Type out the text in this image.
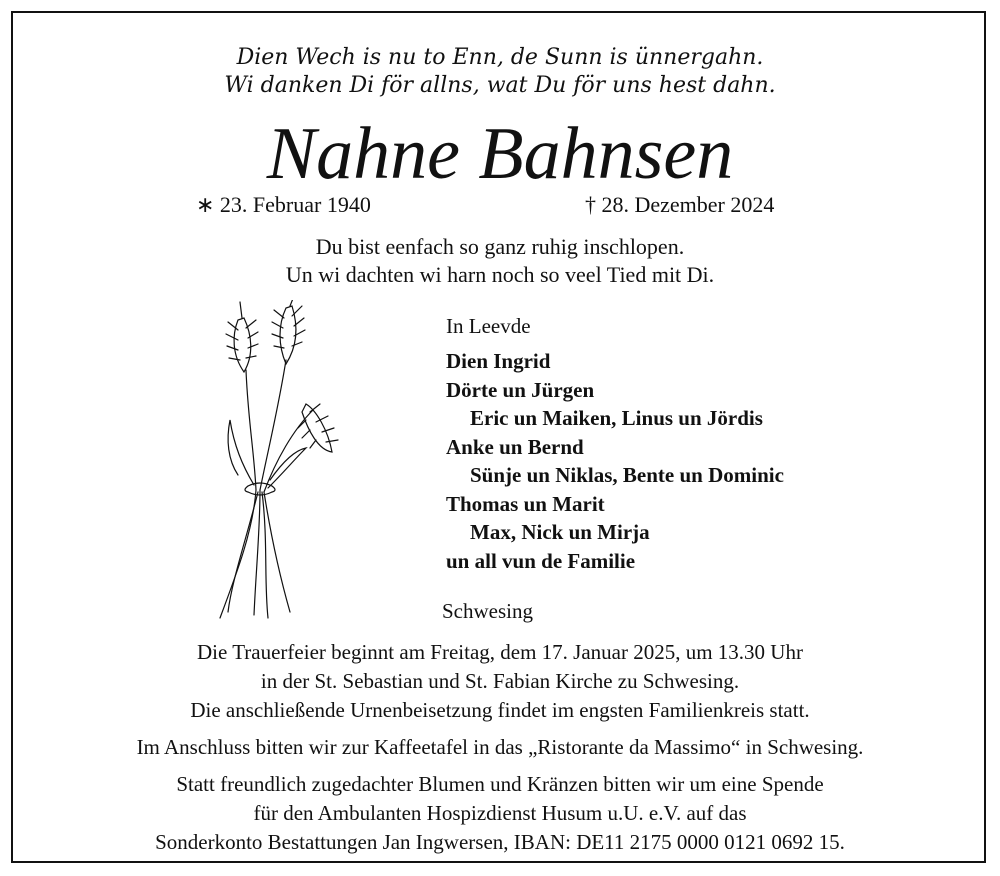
Dien Wech is nu to Enn, de Sunn is ünnergahn.
Wi danken Di för allns, wat Du för uns hest dahn.
Nahne Bahnsen
∗ 23. Februar 1940	† 28. Dezember 2024
Du bist eenfach so ganz ruhig inschlopen.
Un wi dachten wi harn noch so veel Tied mit Di.
In Leevde
Dien Ingrid
Dörte un Jürgen
Eric un Maiken, Linus un Jördis
Anke un Bernd
Sünje un Niklas, Bente un Dominic
Thomas un Marit
Max, Nick un Mirja
un all vun de Familie
Schwesing
Die Trauerfeier beginnt am Freitag, dem 17. Januar 2025, um 13.30 Uhr
in der St. Sebastian und St. Fabian Kirche zu Schwesing.
Die anschließende Urnenbeisetzung findet im engsten Familienkreis statt.
Im Anschluss bitten wir zur Kaffeetafel in das „Ristorante da Massimo“ in Schwesing.
Statt freundlich zugedachter Blumen und Kränzen bitten wir um eine Spende
für den Ambulanten Hospizdienst Husum u.U. e.V. auf das
Sonderkonto Bestattungen Jan Ingwersen, IBAN: DE11 2175 0000 0121 0692 15.
